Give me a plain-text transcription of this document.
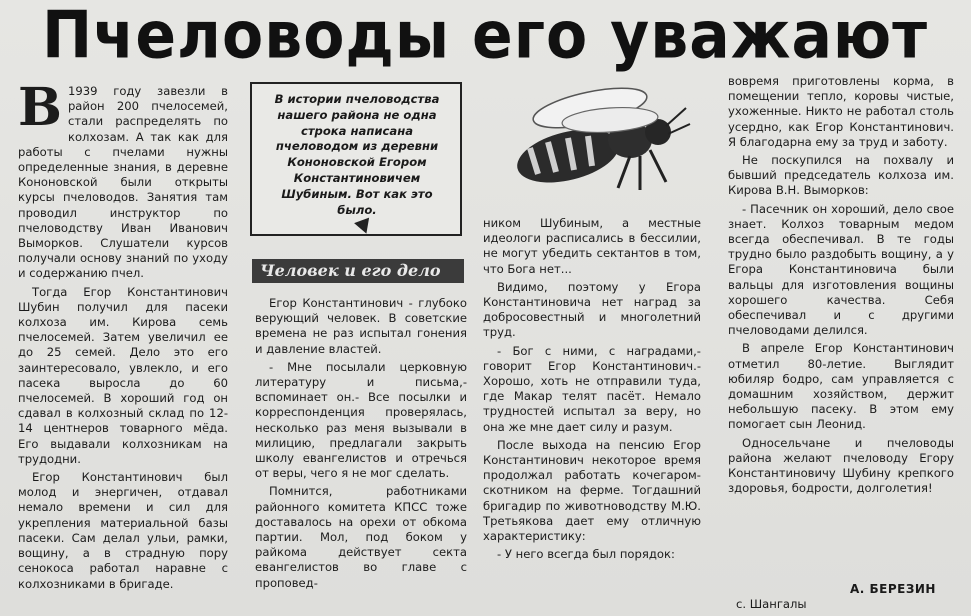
Пчеловоды его уважают

В 1939 году завезли в район 200 пчелосемей, стали распределять по колхозам. А так как для работы с пчелами нужны определенные знания, в деревне Кононовской были открыты курсы пчеловодов. Занятия там проводил инструктор по пчеловодству Иван Иванович Выморков. Слушатели курсов получали основу знаний по уходу и содержанию пчел.

Тогда Егор Константинович Шубин получил для пасеки колхоза им. Кирова семь пчелосемей. Затем увеличил ее до 25 семей. Дело это его заинтересовало, увлекло, и его пасека выросла до 60 пчелосемей. В хороший год он сдавал в колхозный склад по 12-14 центнеров товарного мёда. Его выдавали колхозникам на трудодни.

Егор Константинович был молод и энергичен, отдавал немало времени и сил для укрепления материальной базы пасеки. Сам делал ульи, рамки, вощину, а в страдную пору сенокоса работал наравне с колхозниками в бригаде.

В истории пчеловодства нашего района не одна строка написана пчеловодом из деревни Кононовской Егором Константиновичем Шубиным. Вот как это было.
Человек и его дело

Егор Константинович - глубоко верующий человек. В советские времена не раз испытал гонения и давление властей.

- Мне посылали церковную литературу и письма,- вспоминает он.- Все посылки и корреспонденция проверялась, несколько раз меня вызывали в милицию, предлагали закрыть школу евангелистов и отречься от веры, чего я не мог сделать.

Помнится, работниками районного комитета КПСС тоже доставалось на орехи от обкома партии. Мол, под боком у райкома действует секта евангелистов во главе с проповед-

ником Шубиным, а местные идеологи расписались в бессилии, не могут убедить сектантов в том, что Бога нет...

Видимо, поэтому у Егора Константиновича нет наград за добросовестный и многолетний труд.

- Бог с ними, с наградами,- говорит Егор Константинович.- Хорошо, хоть не отправили туда, где Макар телят пасёт. Немало трудностей испытал за веру, но она же мне дает силу и разум.

После выхода на пенсию Егор Константинович некоторое время продолжал работать кочегаром-скотником на ферме. Тогдашний бригадир по животноводству М.Ю. Третьякова дает ему отличную характеристику:

- У него всегда был порядок:

вовремя приготовлены корма, в помещении тепло, коровы чистые, ухоженные. Никто не работал столь усердно, как Егор Константинович. Я благодарна ему за труд и заботу.

Не поскупился на похвалу и бывший председатель колхоза им. Кирова В.Н. Выморков:

- Пасечник он хороший, дело свое знает. Колхоз товарным медом всегда обеспечивал. В те годы трудно было раздобыть вощину, а у Егора Константиновича были вальцы для изготовления вощины хорошего качества. Себя обеспечивал и с другими пчеловодами делился.

В апреле Егор Константинович отметил 80-летие. Выглядит юбиляр бодро, сам управляется с домашним хозяйством, держит небольшую пасеку. В этом ему помогает сын Леонид.

Односельчане и пчеловоды района желают пчеловоду Егору Константиновичу Шубину крепкого здоровья, бодрости, долголетия!

А. БЕРЕЗИН
с. Шангалы
